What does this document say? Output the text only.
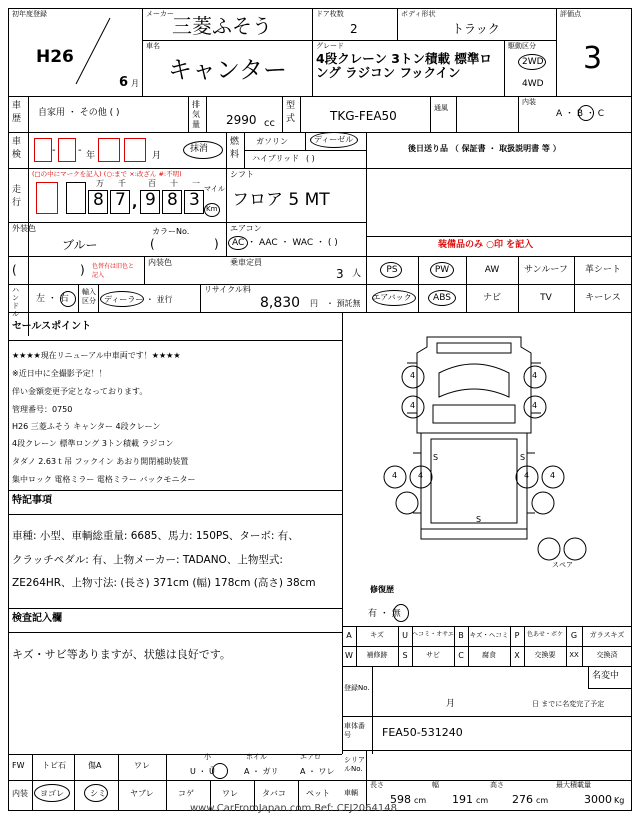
初年度登録
H26
6 月
メーカー
三菱ふそう
車名
キャンター
ドア枚数
2
ボディ形状
トラック
グレード
4段クレーン 3トン積載 標準ロング ラジコン フックイン
駆動区分
2WD
4WD
評価点
3
車歴
自家用 ・ その他 ( )
排気量 2990 cc
型式	TKG-FEA50
通風
内装
A ・ B ・ C
車検	- - 年	月
抹消
燃料
ガソリン	ディーゼル
ハイブリッド ( )
後日送り品 （ 保証書 ・ 取扱説明書 等 ）
走行
(□の中にマークを記入) (○:まで ×:改ざん #:不明)
万 千	百 十 一
8 7 , 9 8 3
マイル
Km
シフト
フロア 5 MT
外装色
ブルー
カラーNo.
(	)
エアコン
AC ・ AAC ・ WAC ・ ( )	装備品のみ ○印 を記入
PS	PW	AW	サンルーフ	革シート
エアバック	ABS	ナビ	TV	キーレス
(	) 色替有は旧色と記入
内装色	乗車定員
3 人
ハンドル
左 ・ 右
輸入区分 ディーラー ・ 並行
リサイクル料
8,830 円 ・ 預託無
セールスポイント
★★★★現在リニューアル中車両です！★★★★
※近日中に全撮影予定！！
伴い金額変更予定となっております。
管理番号：0750
H26 三菱ふそう キャンター 4段クレーン
4段クレーン 標準ロング 3トン積載 ラジコン
タダノ 2.63ｔ吊 フックイン あおり開閉補助装置
集中ロック 電格ミラー 電格ミラー バックモニター
特記事項
車種: 小型、車輌総重量: 6685、馬力: 150PS、ターボ: 有、
クラッチペダル: 有、上物メーカー: TADANO、上物型式:
ZE264HR、上物寸法: (長さ) 371cm (幅) 178cm (高さ) 38cm
検査記入欄
キズ・サビ等ありますが、状態は良好です。
4	4
4	4
4	4	4	4
S	S
S
スペア
修復歴
有 ・ 無
A	キズ	U ヘコミ・オサエ B キズ・ヘコミ P	色あせ・ボケ G	ガラスキズ
W	補修跡	S	サビ	C	腐食	X	交換要	XX	交換済
登録No.
名変中
月	日 までに名変完了予定
車体番号	FEA50-531240
シリアルNo.
FW トビ石	傷A	ワレ
小	ホイル	エアロ
U ・ Ü	A ・ ガリ	A ・ ワレ
内装 ヨゴレ	シミ	ヤブレ	コゲ	ワレ	タバコ	ペット 車輌
長さ
598 cm
幅
191 cm
高さ
276 cm
最大積載量
3000 Kg
www.CarFromJapan.com Ref: CFJ2064148
